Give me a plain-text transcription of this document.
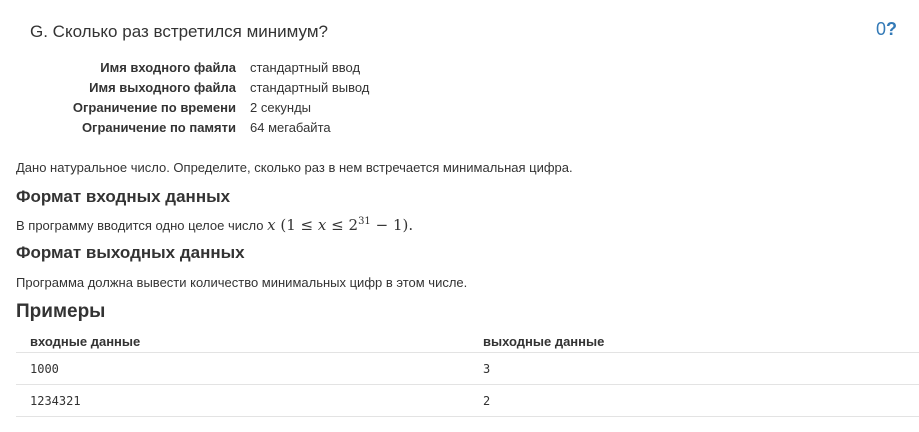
G. Сколько раз встретился минимум?	0?
Имя входного файла	стандартный ввод
Имя выходного файла	стандартный вывод
Ограничение по времени	2 секунды
Ограничение по памяти	64 мегабайта
Дано натуральное число. Определите, сколько раз в нем встречается минимальная цифра.
Формат входных данных
В программу вводится одно целое число x $(1 \le x \le 2^{31} - 1)$.
Формат выходных данных
Программа должна вывести количество минимальных цифр в этом числе.
Примеры
входные данные	выходные данные
1000	3
1234321	2
